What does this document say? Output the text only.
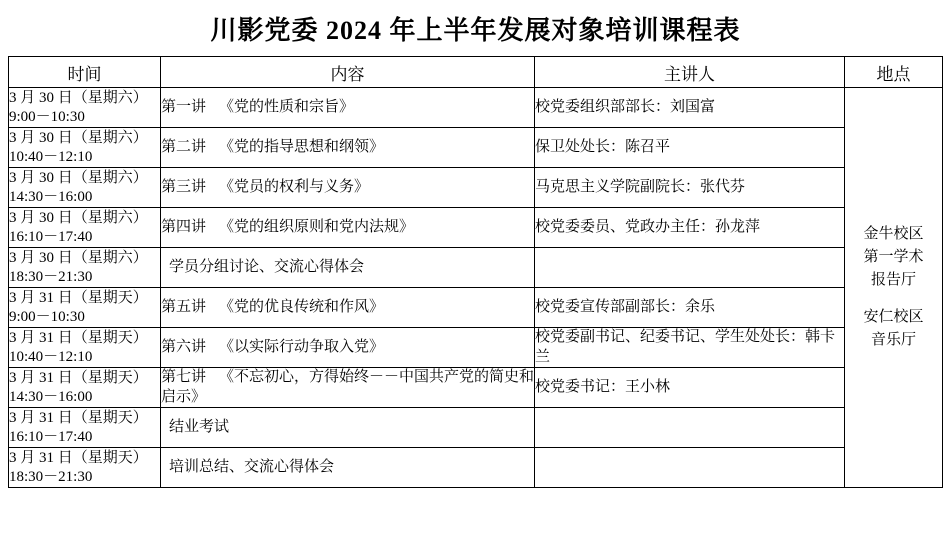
川影党委 2024 年上半年发展对象培训课程表
时间	内容	主讲人	地点

3 月 30 日（星期六）
9:00－10:30	第一讲 《党的性质和宗旨》	校党委组织部部长：刘国富	金牛校区
第一学术
报告厅
安仁校区
音乐厅

3 月 30 日（星期六）
10:40－12:10	第二讲 《党的指导思想和纲领》	保卫处处长：陈召平	

3 月 30 日（星期六）
14:30－16:00	第三讲 《党员的权利与义务》	马克思主义学院副院长：张代芬	

3 月 30 日（星期六）
16:10－17:40	第四讲 《党的组织原则和党内法规》	校党委委员、党政办主任：孙龙萍	

3 月 30 日（星期六）
18:30－21:30	学员分组讨论、交流心得体会		

3 月 31 日（星期天）
9:00－10:30	第五讲 《党的优良传统和作风》	校党委宣传部副部长：余乐	

3 月 31 日（星期天）
10:40－12:10	第六讲 《以实际行动争取入党》	校党委副书记、纪委书记、学生处处长：韩卡兰	

3 月 31 日（星期天）
14:30－16:00	第七讲 《不忘初心，方得始终－－中国共产党的简史和启示》	校党委书记：王小林	

3 月 31 日（星期天）
16:10－17:40	结业考试		

3 月 31 日（星期天）
18:30－21:30	培训总结、交流心得体会		
